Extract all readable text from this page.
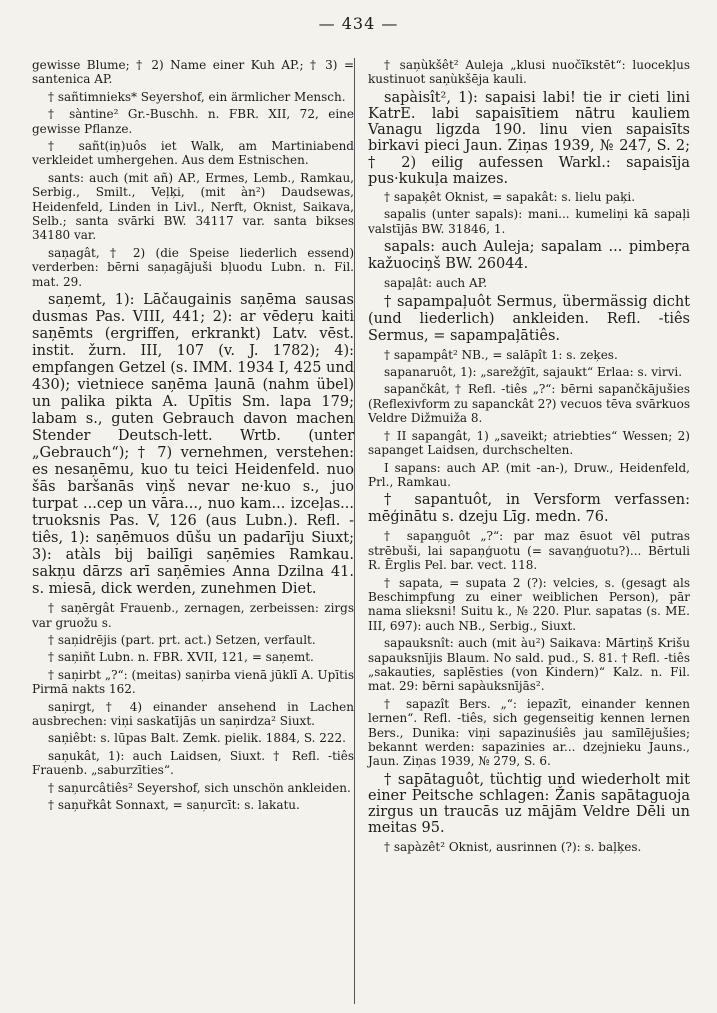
— 434 —

gewisse Blume; † 2) Name einer Kuh AP.; † 3) = santenica AP.

† sañtimnieks* Seyershof, ein ärmlicher Mensch.

† sàntine² Gr.-Buschh. n. FBR. XII, 72, eine gewisse Pflanze.

† sañt(iņ)uôs iet Walk, am Martiniabend verkleidet umhergehen. Aus dem Estnischen.

sants: auch (mit añ) AP., Ermes, Lemb., Ramkau, Serbig., Smilt., Veļķi, (mit àn²) Daudsewas, Heidenfeld, Linden in Livl., Nerft, Oknist, Saikava, Selb.; santa svārki BW. 34117 var. santa bikses 34180 var.

saņagât, † 2) (die Speise liederlich essend) verderben: bērni saņagājuši bļuodu Lubn. n. Fil. mat. 29.

saņemt, 1): Lāčaugainis saņēma sausas dusmas Pas. VIII, 441; 2): ar vēdeŗu kaiti saņēmts (ergriffen, erkrankt) Latv. vēst. instit. žurn. III, 107 (v. J. 1782); 4): empfangen Getzel (s. IMM. 1934 I, 425 und 430); vietniece saņēma ļaunā (nahm übel) un palika pikta A. Upītis Sm. lapa 179; labam s., guten Gebrauch davon machen Stender Deutsch-lett. Wrtb. (unter „Gebrauch“); † 7) vernehmen, verstehen: es nesaņēmu, kuo tu teici Heidenfeld. nuo šās baršanās viņš nevar ne·kuo s., juo turpat ...cep un vāra..., nuo kam... izceļas... truoksnis Pas. V, 126 (aus Lubn.). Refl. -tiês, 1): saņēmuos dūšu un padarīju Siuxt; 3): atàls bij bailīgi saņēmies Ramkau. sakņu dārzs arī saņēmies Anna Dzilna 41. s. miesā, dick werden, zunehmen Diet.

† saņērgât Frauenb., zernagen, zerbeissen: zirgs var gruožu s.

† saņidrējis (part. prt. act.) Setzen, verfault.

† saņiñt Lubn. n. FBR. XVII, 121, = saņemt.

† saņirbt „?“: (meitas) saņirba vienā jūklī A. Upītis Pirmā nakts 162.

saņirgt, † 4) einander ansehend in Lachen ausbrechen: viņi saskatījās un saņirdza² Siuxt.

saņiêbt: s. lūpas Balt. Zemk. pielik. 1884, S. 222.

saņukât, 1): auch Laidsen, Siuxt. † Refl. -tiês Frauenb. „saburzīties“.

† saņurcâtiês² Seyershof, sich unschön ankleiden.

† saņuřkât Sonnaxt, = saņurcīt: s. lakatu.

† saņùkšêt² Auleja „klusi nuočīkstēt“: luocekļus kustinuot saņùkšēja kauli.

sapàisît², 1): sapaisi labi! tie ir cieti lini KatrE. labi sapaisītiem nātru kauliem Vanagu ligzda 190. linu vien sapaisīts birkavi pieci Jaun. Ziņas 1939, № 247, S. 2; † 2) eilig aufessen Warkl.: sapaisīja pus·kukuļa maizes.

† sapaķêt Oknist, = sapakât: s. lielu paķi.

sapalis (unter sapals): mani... kumeliņi kā sapaļi valstījās BW. 31846, 1.

sapals: auch Auleja; sapalam ... pimbeŗa kažuociņš BW. 26044.

sapaļât: auch AP.

† sapampaļuôt Sermus, übermässig dicht (und liederlich) ankleiden. Refl. -tiês Sermus, = sapampaļātiês.

† sapampât² NB., = salāpît 1: s. zeķes.

sapanaruôt, 1): „sarežģīt, sajaukt“ Erlaa: s. virvi.

sapančkât, † Refl. -tiês „?“: bērni sapančkājušies (Reflexivform zu sapanckât 2?) vecuos tēva svārkuos Veldre Dižmuiža 8.

† II sapangât, 1) „saveikt; atriebties“ Wessen; 2) sapanget Laidsen, durchschelten.

I sapans: auch AP. (mit -an-), Druw., Heidenfeld, Prl., Ramkau.

† sapantuôt, in Versform verfassen: mēģinātu s. dzeju Līg. medn. 76.

† sapaņguôt „?“: par maz ēsuot vēl putras strēbuši, lai sapaņģuotu (= savaņģuotu?)... Bērtuli R. Ērglis Pel. bar. vect. 118.

† sapata, = supata 2 (?): velcies, s. (gesagt als Beschimpfung zu einer weiblichen Person), pār nama slieksni! Suitu k., № 220. Plur. sapatas (s. ME. III, 697): auch NB., Serbig., Siuxt.

sapauksnît: auch (mit àu²) Saikava: Mārtiņš Krišu sapauksnījis Blaum. No sald. pud., S. 81. † Refl. -tiês „sakauties, saplēsties (von Kindern)“ Kalz. n. Fil. mat. 29: bērni sapàuksnījās².

† sapazît Bers. „“: iepazīt, einander kennen lernen“. Refl. -tiês, sich gegenseitig kennen lernen Bers., Dunika: viņi sapazinuśiês jau samīlējušies; bekannt werden: sapazinies ar... dzejnieku Jauns., Jaun. Ziņas 1939, № 279, S. 6.

† sapātaguôt, tüchtig und wiederholt mit einer Peitsche schlagen: Žanis sapātaguoja zirgus un traucās uz mājām Veldre Dēli un meitas 95.

† sapàzêt² Oknist, ausrinnen (?): s. baļķes.
